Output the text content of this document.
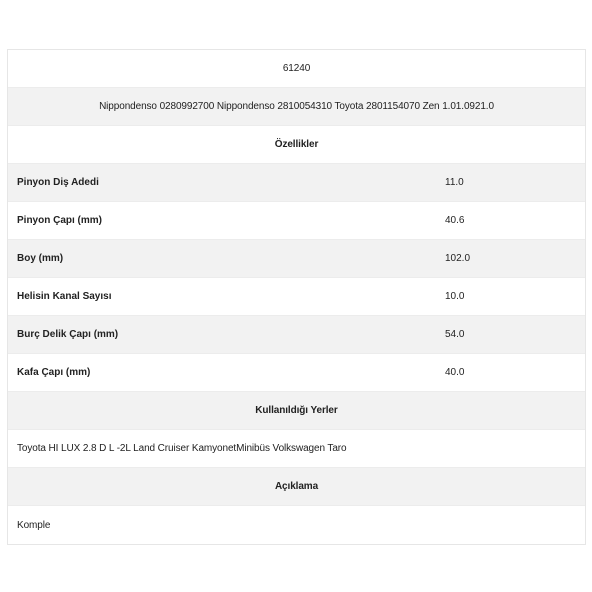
61240
Nippondenso 0280992700 Nippondenso 2810054310 Toyota 2801154070 Zen 1.01.0921.0
Özellikler
Pinyon Diş Adedi	11.0
Pinyon Çapı (mm)	40.6
Boy (mm)	102.0
Helisin Kanal Sayısı	10.0
Burç Delik Çapı (mm)	54.0
Kafa Çapı (mm)	40.0
Kullanıldığı Yerler
Toyota HI LUX 2.8 D L -2L Land Cruiser KamyonetMinibüs Volkswagen Taro
Açıklama
Komple
